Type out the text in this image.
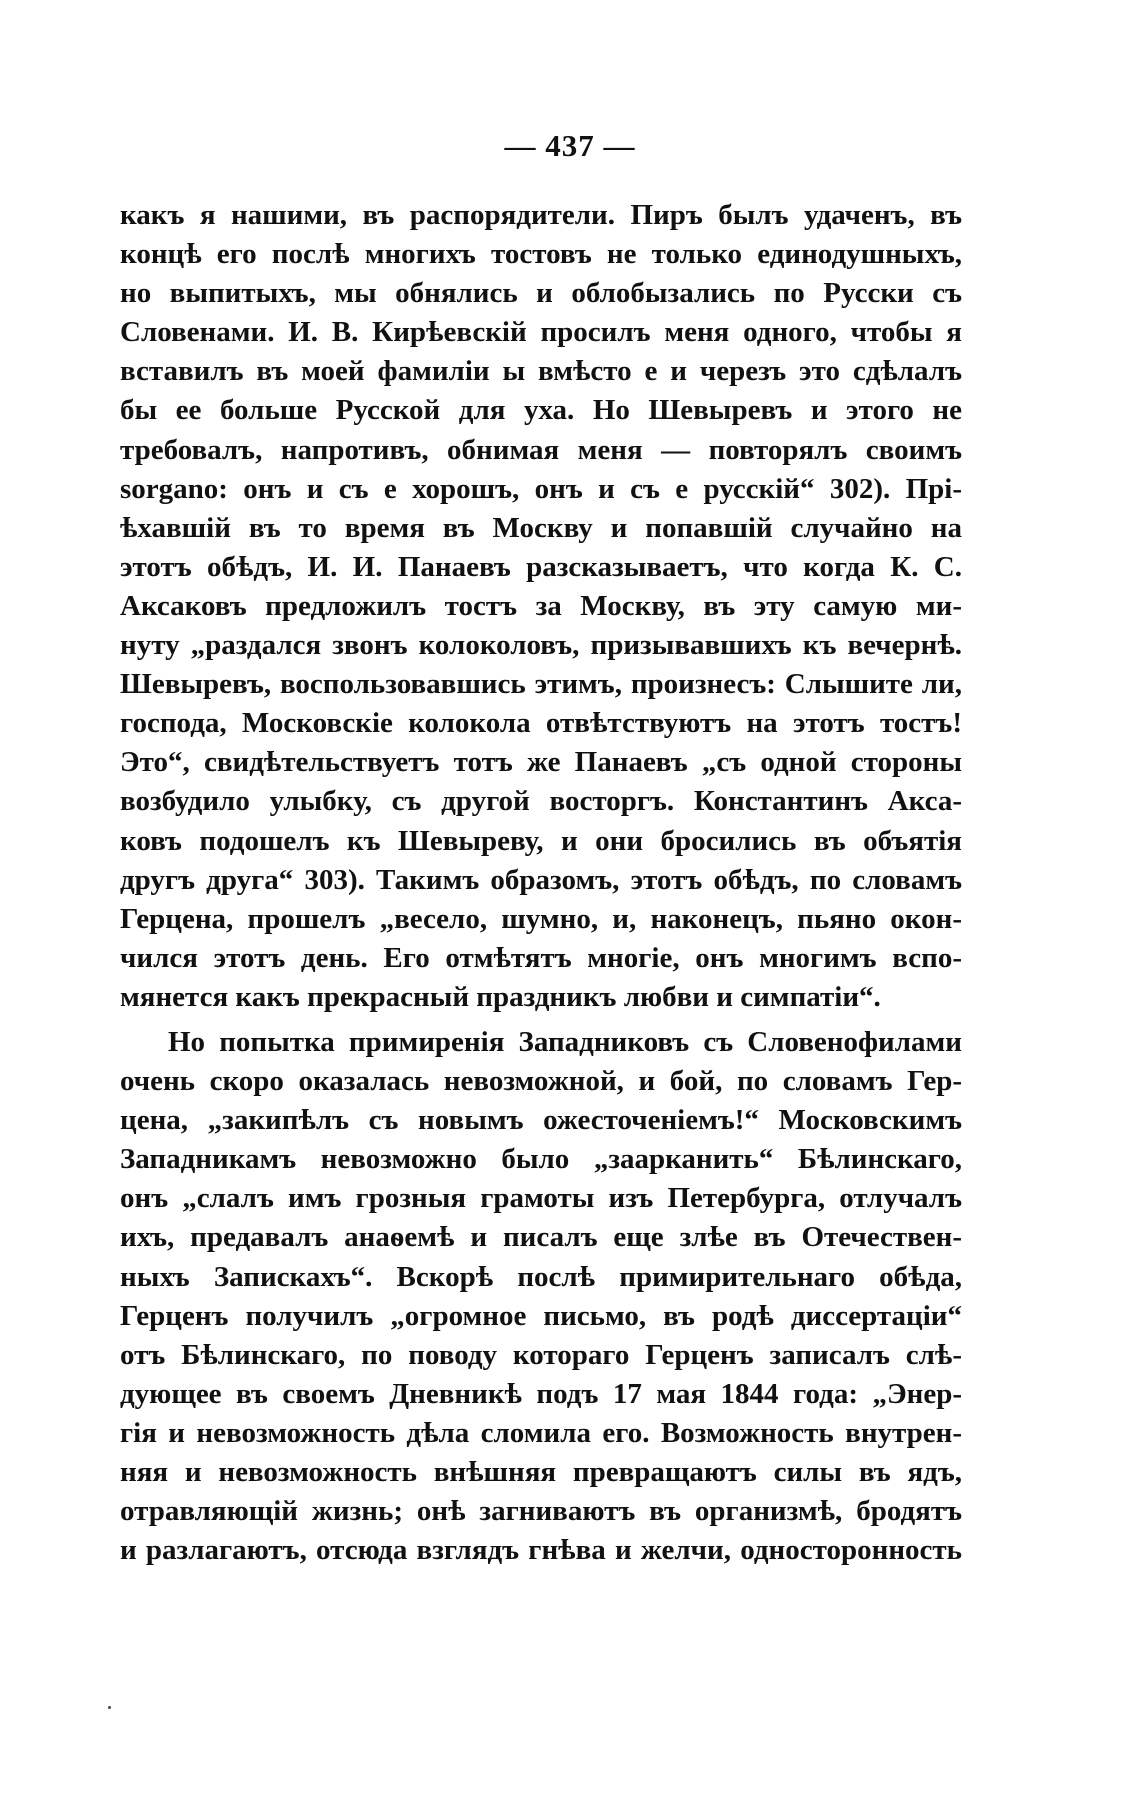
— 437 —
какъ я нашими, въ распорядители. Пиръ былъ удаченъ, въ
концѣ его послѣ многихъ тостовъ не только единодушныхъ,
но выпитыхъ, мы обнялись и облобызались по Русски съ
Словенами. И. В. Кирѣевскій просилъ меня одного, чтобы я
вставилъ въ моей фамиліи ы вмѣсто е и черезъ это сдѣлалъ
бы ее больше Русской для уха. Но Шевыревъ и этого не
требовалъ, напротивъ, обнимая меня — повторялъ своимъ
sorgano: онъ и съ е хорошъ, онъ и съ е русскій“ 302). Прі-
ѣхавшій въ то время въ Москву и попавшій случайно на
этотъ обѣдъ, И. И. Панаевъ разсказываетъ, что когда К. С.
Аксаковъ предложилъ тостъ за Москву, въ эту самую ми-
нуту „раздался звонъ колоколовъ, призывавшихъ къ вечернѣ.
Шевыревъ, воспользовавшись этимъ, произнесъ: Слышите ли,
господа, Московскіе колокола отвѣтствуютъ на этотъ тостъ!
Это“, свидѣтельствуетъ тотъ же Панаевъ „съ одной стороны
возбудило улыбку, съ другой восторгъ. Константинъ Акса-
ковъ подошелъ къ Шевыреву, и они бросились въ объятія
другъ друга“ 303). Такимъ образомъ, этотъ обѣдъ, по словамъ
Герцена, прошелъ „весело, шумно, и, наконецъ, пьяно окон-
чился этотъ день. Его отмѣтятъ многіе, онъ многимъ вспо-
мянется какъ прекрасный праздникъ любви и симпатіи“.
Но попытка примиренія Западниковъ съ Словенофилами
очень скоро оказалась невозможной, и бой, по словамъ Гер-
цена, „закипѣлъ съ новымъ ожесточеніемъ!“ Московскимъ
Западникамъ невозможно было „заарканить“ Бѣлинскаго,
онъ „слалъ имъ грозныя грамоты изъ Петербурга, отлучалъ
ихъ, предавалъ анаѳемѣ и писалъ еще злѣе въ Отечествен-
ныхъ Запискахъ“. Вскорѣ послѣ примирительнаго обѣда,
Герценъ получилъ „огромное письмо, въ родѣ диссертаціи“
отъ Бѣлинскаго, по поводу котораго Герценъ записалъ слѣ-
дующее въ своемъ Дневникѣ подъ 17 мая 1844 года: „Энер-
гія и невозможность дѣла сломила его. Возможность внутрен-
няя и невозможность внѣшняя превращаютъ силы въ ядъ,
отравляющій жизнь; онѣ загниваютъ въ организмѣ, бродятъ
и разлагаютъ, отсюда взглядъ гнѣва и желчи, односторонность
